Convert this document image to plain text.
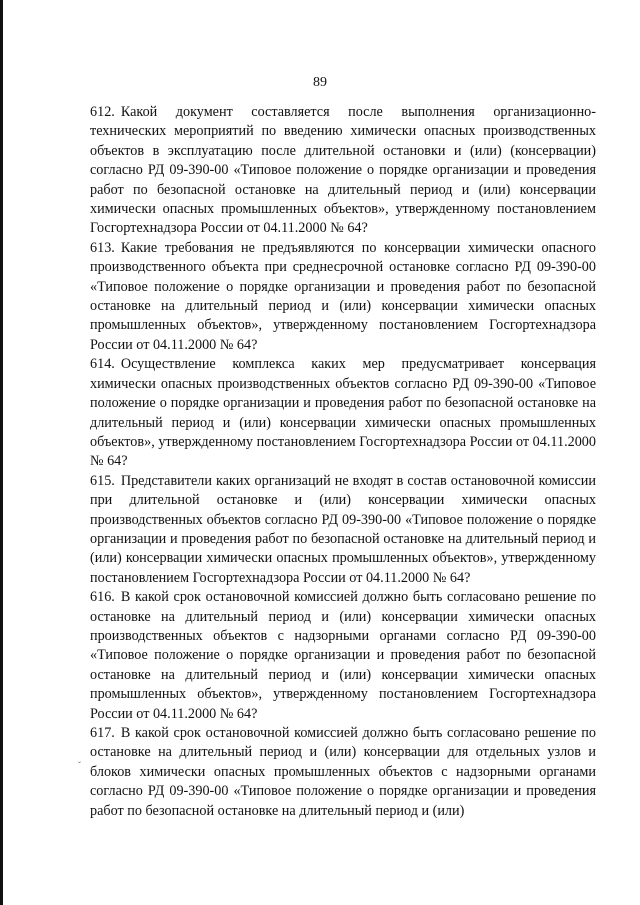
89

612. Какой документ составляется после выполнения организационно-технических мероприятий по введению химически опасных производственных объектов в эксплуатацию после длительной остановки и (или) (консервации) согласно РД 09-390-00 «Типовое положение о порядке организации и проведения работ по безопасной остановке на длительный период и (или) консервации химически опасных промышленных объектов», утвержденному постановлением Госгортехнадзора России от 04.11.2000 № 64?

613. Какие требования не предъявляются по консервации химически опасного производственного объекта при среднесрочной остановке согласно РД 09-390-00 «Типовое положение о порядке организации и проведения работ по безопасной остановке на длительный период и (или) консервации химически опасных промышленных объектов», утвержденному постановлением Госгортехнадзора России от 04.11.2000 № 64?

614. Осуществление комплекса каких мер предусматривает консервация химически опасных производственных объектов согласно РД 09-390-00 «Типовое положение о порядке организации и проведения работ по безопасной остановке на длительный период и (или) консервации химически опасных промышленных объектов», утвержденному постановлением Госгортехнадзора России от 04.11.2000 № 64?

615. Представители каких организаций не входят в состав остановочной комиссии при длительной остановке и (или) консервации химически опасных производственных объектов согласно РД 09-390-00 «Типовое положение о порядке организации и проведения работ по безопасной остановке на длительный период и (или) консервации химически опасных промышленных объектов», утвержденному постановлением Госгортехнадзора России от 04.11.2000 № 64?

616. В какой срок остановочной комиссией должно быть согласовано решение по остановке на длительный период и (или) консервации химически опасных производственных объектов с надзорными органами согласно РД 09-390-00 «Типовое положение о порядке организации и проведения работ по безопасной остановке на длительный период и (или) консервации химически опасных промышленных объектов», утвержденному постановлением Госгортехнадзора России от 04.11.2000 № 64?

617. В какой срок остановочной комиссией должно быть согласовано решение по остановке на длительный период и (или) консервации для отдельных узлов и блоков химически опасных промышленных объектов с надзорными органами согласно РД 09-390-00 «Типовое положение о порядке организации и проведения работ по безопасной остановке на длительный период и (или)

ˇ
